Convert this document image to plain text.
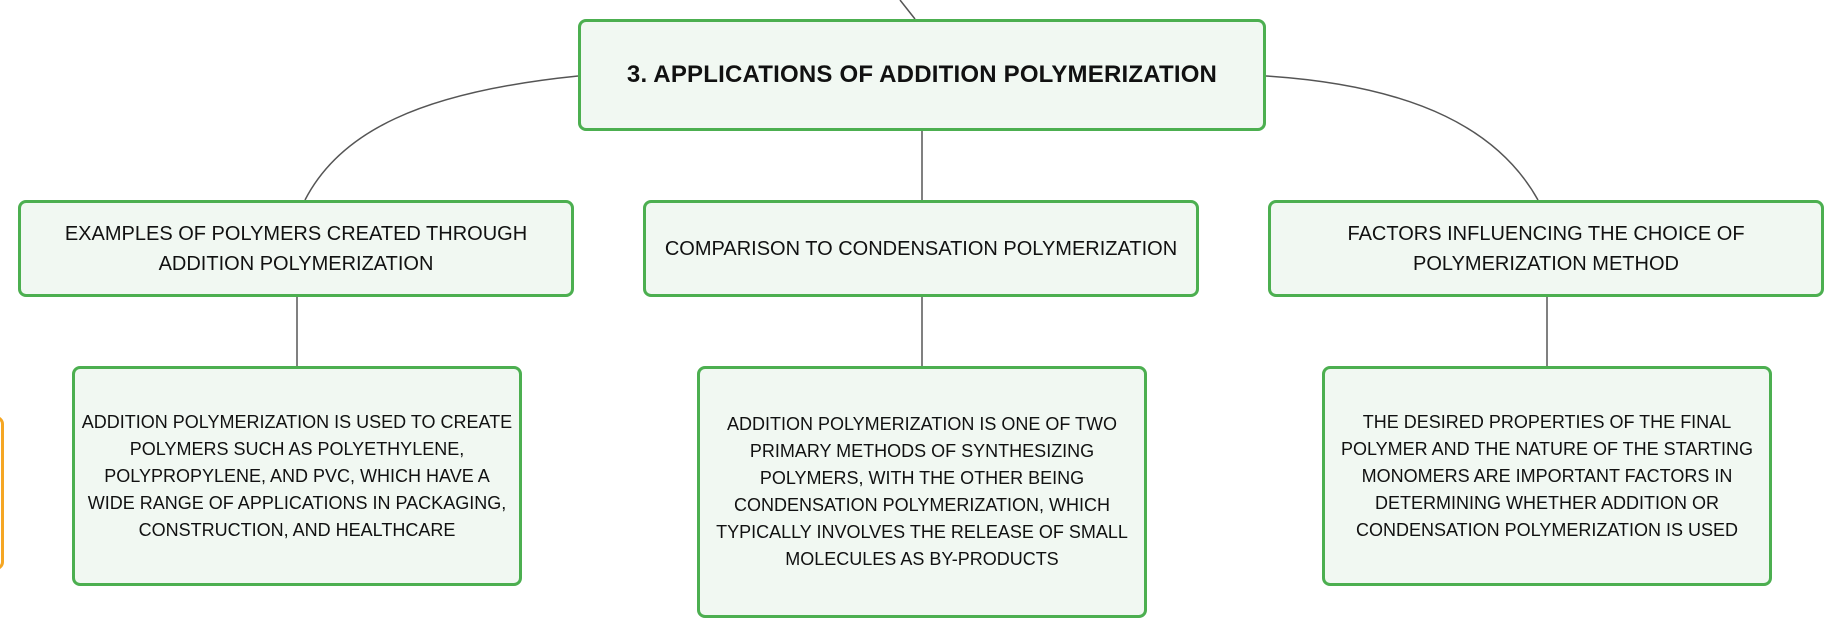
3. APPLICATIONS OF ADDITION POLYMERIZATION
EXAMPLES OF POLYMERS CREATED THROUGH ADDITION POLYMERIZATION
COMPARISON TO CONDENSATION POLYMERIZATION
FACTORS INFLUENCING THE CHOICE OF POLYMERIZATION METHOD
ADDITION POLYMERIZATION IS USED TO CREATE POLYMERS SUCH AS POLYETHYLENE, POLYPROPYLENE, AND PVC, WHICH HAVE A WIDE RANGE OF APPLICATIONS IN PACKAGING, CONSTRUCTION, AND HEALTHCARE
ADDITION POLYMERIZATION IS ONE OF TWO PRIMARY METHODS OF SYNTHESIZING POLYMERS, WITH THE OTHER BEING CONDENSATION POLYMERIZATION, WHICH TYPICALLY INVOLVES THE RELEASE OF SMALL MOLECULES AS BY-PRODUCTS
THE DESIRED PROPERTIES OF THE FINAL POLYMER AND THE NATURE OF THE STARTING MONOMERS ARE IMPORTANT FACTORS IN DETERMINING WHETHER ADDITION OR CONDENSATION POLYMERIZATION IS USED
